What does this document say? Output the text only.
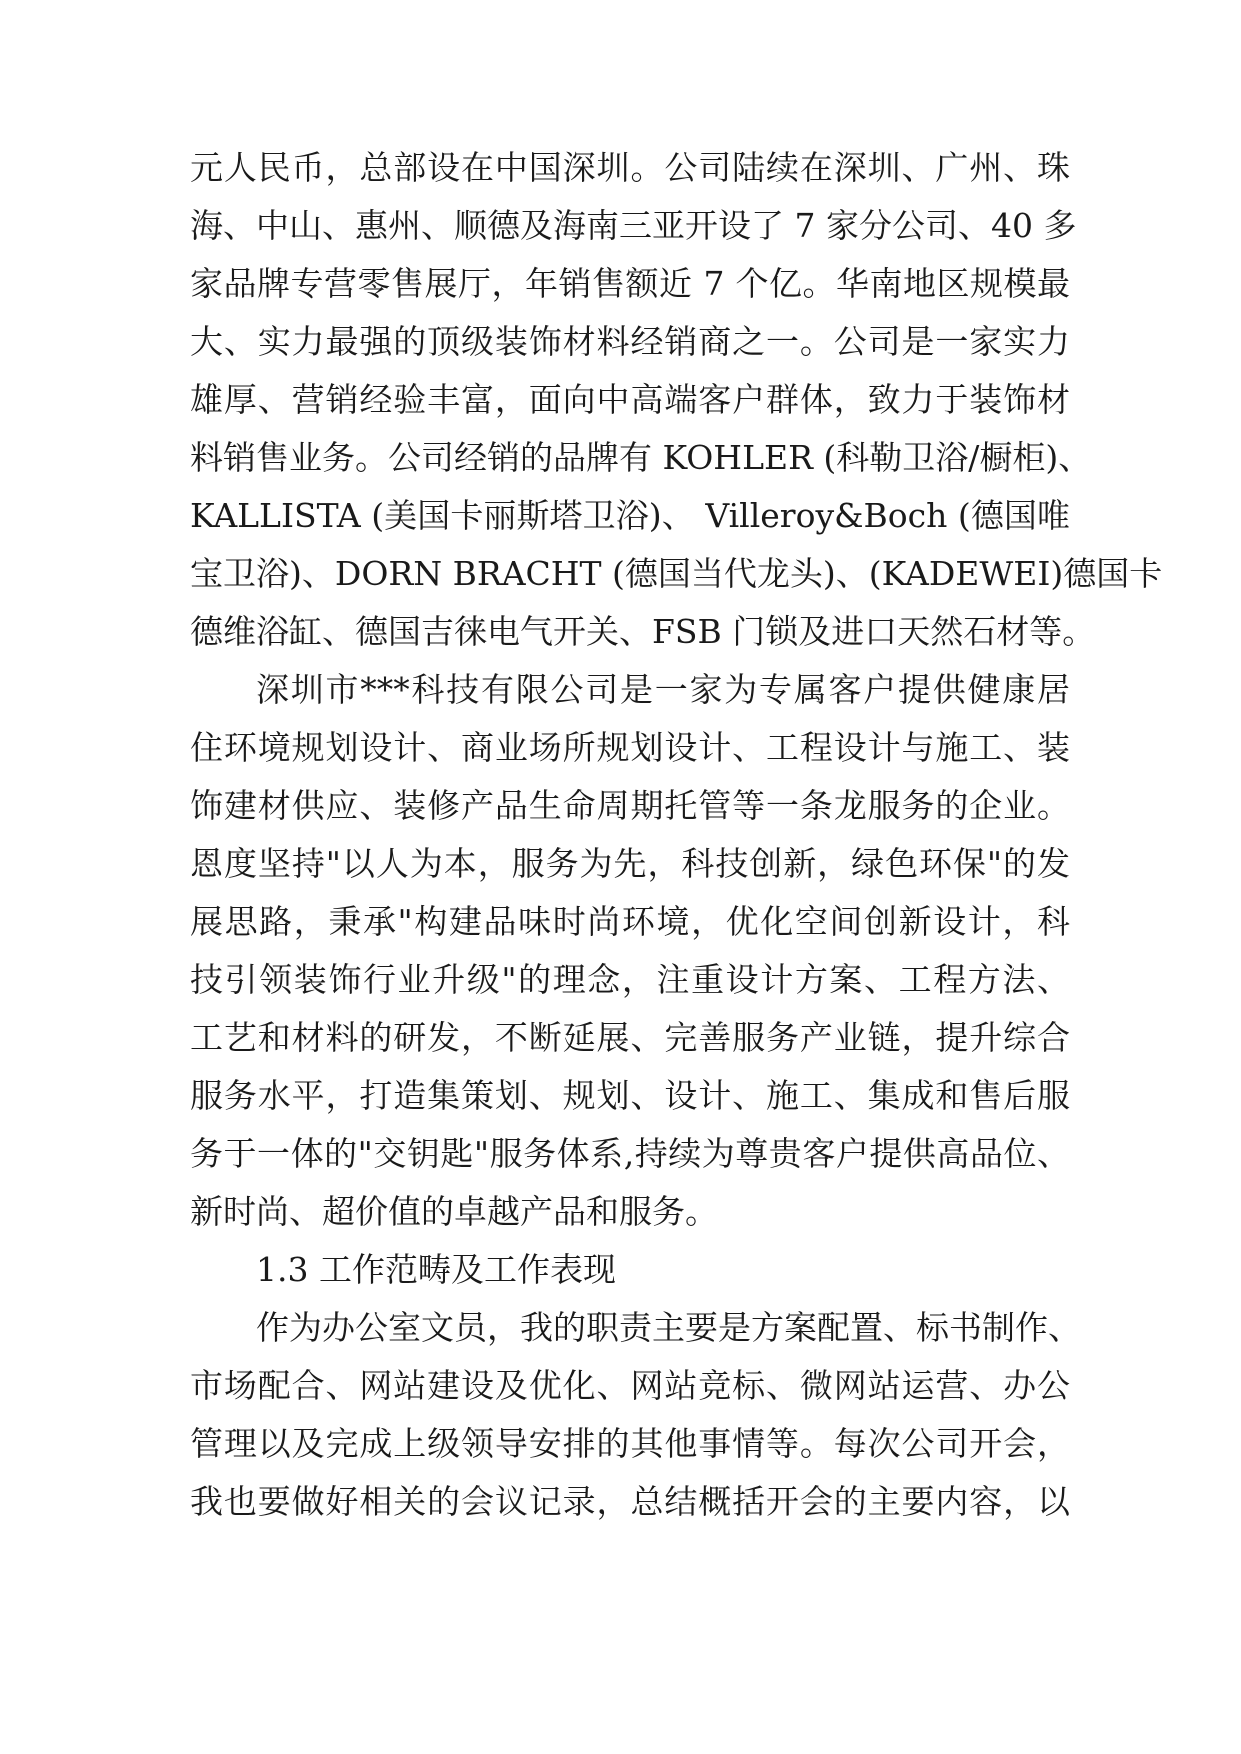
元人民币，总部设在中国深圳。公司陆续在深圳、广州、珠
海、中山、惠州、顺德及海南三亚开设了 7 家分公司、40 多
家品牌专营零售展厅，年销售额近 7 个亿。华南地区规模最
大、实力最强的顶级装饰材料经销商之一。公司是一家实力
雄厚、营销经验丰富，面向中高端客户群体，致力于装饰材
料销售业务。公司经销的品牌有 KOHLER (科勒卫浴/橱柜)、
KALLISTA (美国卡丽斯塔卫浴)、 Villeroy&Boch (德国唯
宝卫浴)、DORN BRACHT (德国当代龙头)、(KADEWEI)德国卡
德维浴缸、德国吉徕电气开关、FSB 门锁及进口天然石材等。
深圳市***科技有限公司是一家为专属客户提供健康居
住环境规划设计、商业场所规划设计、工程设计与施工、装
饰建材供应、装修产品生命周期托管等一条龙服务的企业。
恩度坚持"以人为本，服务为先，科技创新，绿色环保"的发
展思路，秉承"构建品味时尚环境，优化空间创新设计，科
技引领装饰行业升级"的理念，注重设计方案、工程方法、
工艺和材料的研发，不断延展、完善服务产业链，提升综合
服务水平，打造集策划、规划、设计、施工、集成和售后服
务于一体的"交钥匙"服务体系,持续为尊贵客户提供高品位、
新时尚、超价值的卓越产品和服务。
1.3 工作范畴及工作表现
作为办公室文员，我的职责主要是方案配置、标书制作、
市场配合、网站建设及优化、网站竞标、微网站运营、办公
管理以及完成上级领导安排的其他事情等。每次公司开会，
我也要做好相关的会议记录，总结概括开会的主要内容，以
